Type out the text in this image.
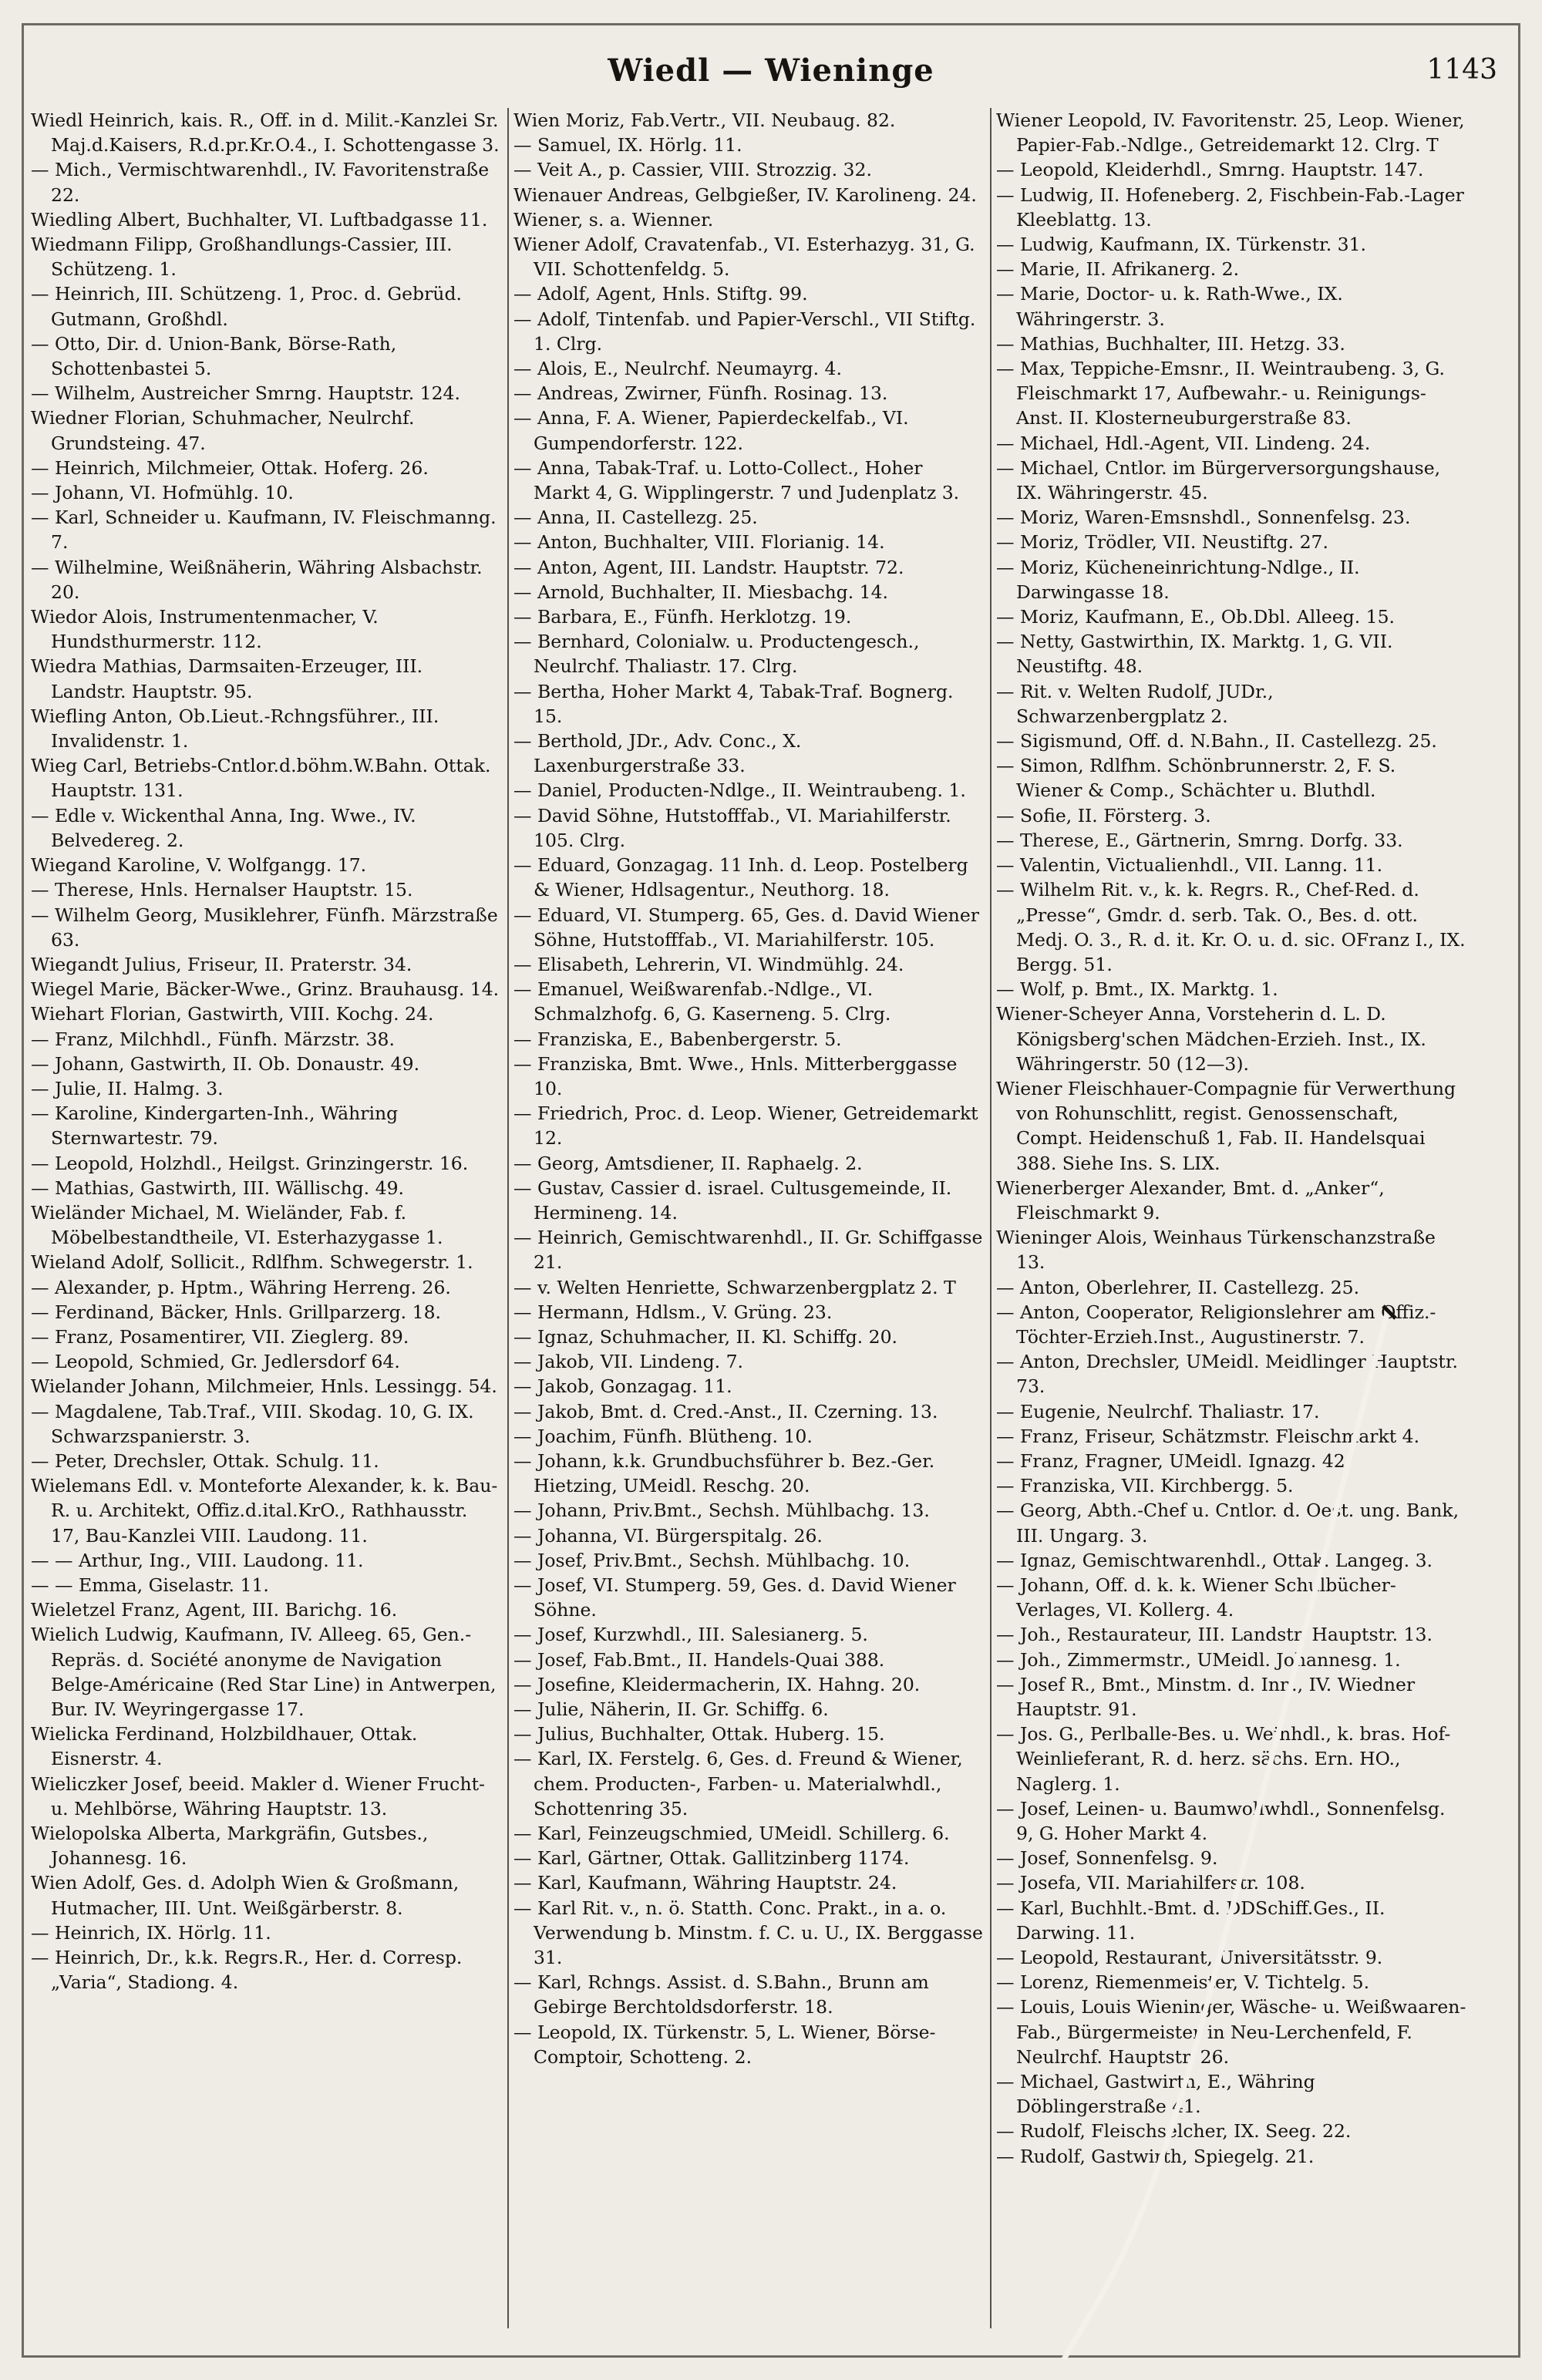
Wiedl — Wieninge	1143

Wiedl Heinrich, kais. R., Off. in d. Milit.-Kanzlei Sr. Maj.d.Kaisers, R.d.pr.Kr.O.4., I. Schottengasse 3.

— Mich., Vermischtwarenhdl., IV. Favoritenstraße 22.

Wiedling Albert, Buchhalter, VI. Luftbadgasse 11.

Wiedmann Filipp, Großhandlungs-Cassier, III. Schützeng. 1.

— Heinrich, III. Schützeng. 1, Proc. d. Gebrüd. Gutmann, Großhdl.

— Otto, Dir. d. Union-Bank, Börse-Rath, Schottenbastei 5.

— Wilhelm, Austreicher Smrng. Hauptstr. 124.

Wiedner Florian, Schuhmacher, Neulrchf. Grundsteing. 47.

— Heinrich, Milchmeier, Ottak. Hoferg. 26.

— Johann, VI. Hofmühlg. 10.

— Karl, Schneider u. Kaufmann, IV. Fleischmanng. 7.

— Wilhelmine, Weißnäherin, Währing Alsbachstr. 20.

Wiedor Alois, Instrumentenmacher, V. Hundsthurmerstr. 112.

Wiedra Mathias, Darmsaiten-Erzeuger, III. Landstr. Hauptstr. 95.

Wiefling Anton, Ob.Lieut.-Rchngsführer., III. Invalidenstr. 1.

Wieg Carl, Betriebs-Cntlor.d.böhm.W.Bahn. Ottak. Hauptstr. 131.

— Edle v. Wickenthal Anna, Ing. Wwe., IV. Belvedereg. 2.

Wiegand Karoline, V. Wolfgangg. 17.

— Therese, Hnls. Hernalser Hauptstr. 15.

— Wilhelm Georg, Musiklehrer, Fünfh. Märzstraße 63.

Wiegandt Julius, Friseur, II. Praterstr. 34.

Wiegel Marie, Bäcker-Wwe., Grinz. Brauhausg. 14.

Wiehart Florian, Gastwirth, VIII. Kochg. 24.

— Franz, Milchhdl., Fünfh. Märzstr. 38.

— Johann, Gastwirth, II. Ob. Donaustr. 49.

— Julie, II. Halmg. 3.

— Karoline, Kindergarten-Inh., Währing Sternwartestr. 79.

— Leopold, Holzhdl., Heilgst. Grinzingerstr. 16.

— Mathias, Gastwirth, III. Wällischg. 49.

Wieländer Michael, M. Wieländer, Fab. f. Möbelbestandtheile, VI. Esterhazygasse 1.

Wieland Adolf, Sollicit., Rdlfhm. Schwegerstr. 1.

— Alexander, p. Hptm., Währing Herreng. 26.

— Ferdinand, Bäcker, Hnls. Grillparzerg. 18.

— Franz, Posamentirer, VII. Zieglerg. 89.

— Leopold, Schmied, Gr. Jedlersdorf 64.

Wielander Johann, Milchmeier, Hnls. Lessingg. 54.

— Magdalene, Tab.Traf., VIII. Skodag. 10, G. IX. Schwarzspanierstr. 3.

— Peter, Drechsler, Ottak. Schulg. 11.

Wielemans Edl. v. Monteforte Alexander, k. k. Bau-R. u. Architekt, Offiz.d.ital.KrO., Rathhausstr. 17, Bau-Kanzlei VIII. Laudong. 11.

— — Arthur, Ing., VIII. Laudong. 11.

— — Emma, Giselastr. 11.

Wieletzel Franz, Agent, III. Barichg. 16.

Wielich Ludwig, Kaufmann, IV. Alleeg. 65, Gen.-Repräs. d. Société anonyme de Navigation Belge-Américaine (Red Star Line) in Antwerpen, Bur. IV. Weyringergasse 17.

Wielicka Ferdinand, Holzbildhauer, Ottak. Eisnerstr. 4.

Wieliczker Josef, beeid. Makler d. Wiener Frucht- u. Mehlbörse, Währing Hauptstr. 13.

Wielopolska Alberta, Markgräfin, Gutsbes., Johannesg. 16.

Wien Adolf, Ges. d. Adolph Wien & Großmann, Hutmacher, III. Unt. Weißgärberstr. 8.

— Heinrich, IX. Hörlg. 11.

— Heinrich, Dr., k.k. Regrs.R., Her. d. Corresp. „Varia“, Stadiong. 4.

Wien Moriz, Fab.Vertr., VII. Neubaug. 82.

— Samuel, IX. Hörlg. 11.

— Veit A., p. Cassier, VIII. Strozzig. 32.

Wienauer Andreas, Gelbgießer, IV. Karolineng. 24.

Wiener, s. a. Wienner.

Wiener Adolf, Cravatenfab., VI. Esterhazyg. 31, G. VII. Schottenfeldg. 5.

— Adolf, Agent, Hnls. Stiftg. 99.

— Adolf, Tintenfab. und Papier-Verschl., VII Stiftg. 1. Clrg.

— Alois, E., Neulrchf. Neumayrg. 4.

— Andreas, Zwirner, Fünfh. Rosinag. 13.

— Anna, F. A. Wiener, Papierdeckelfab., VI. Gumpendorferstr. 122.

— Anna, Tabak-Traf. u. Lotto-Collect., Hoher Markt 4, G. Wipplingerstr. 7 und Judenplatz 3.

— Anna, II. Castellezg. 25.

— Anton, Buchhalter, VIII. Florianig. 14.

— Anton, Agent, III. Landstr. Hauptstr. 72.

— Arnold, Buchhalter, II. Miesbachg. 14.

— Barbara, E., Fünfh. Herklotzg. 19.

— Bernhard, Colonialw. u. Productengesch., Neulrchf. Thaliastr. 17. Clrg.

— Bertha, Hoher Markt 4, Tabak-Traf. Bognerg. 15.

— Berthold, JDr., Adv. Conc., X. Laxenburgerstraße 33.

— Daniel, Producten-Ndlge., II. Weintraubeng. 1.

— David Söhne, Hutstofffab., VI. Mariahilferstr. 105. Clrg.

— Eduard, Gonzagag. 11 Inh. d. Leop. Postelberg & Wiener, Hdlsagentur., Neuthorg. 18.

— Eduard, VI. Stumperg. 65, Ges. d. David Wiener Söhne, Hutstofffab., VI. Mariahilferstr. 105.

— Elisabeth, Lehrerin, VI. Windmühlg. 24.

— Emanuel, Weißwarenfab.-Ndlge., VI. Schmalzhofg. 6, G. Kaserneng. 5. Clrg.

— Franziska, E., Babenbergerstr. 5.

— Franziska, Bmt. Wwe., Hnls. Mitterberggasse 10.

— Friedrich, Proc. d. Leop. Wiener, Getreidemarkt 12.

— Georg, Amtsdiener, II. Raphaelg. 2.

— Gustav, Cassier d. israel. Cultusgemeinde, II. Hermineng. 14.

— Heinrich, Gemischtwarenhdl., II. Gr. Schiffgasse 21.

— v. Welten Henriette, Schwarzenbergplatz 2. T

— Hermann, Hdlsm., V. Grüng. 23.

— Ignaz, Schuhmacher, II. Kl. Schiffg. 20.

— Jakob, VII. Lindeng. 7.

— Jakob, Gonzagag. 11.

— Jakob, Bmt. d. Cred.-Anst., II. Czerning. 13.

— Joachim, Fünfh. Blütheng. 10.

— Johann, k.k. Grundbuchsführer b. Bez.-Ger. Hietzing, UMeidl. Reschg. 20.

— Johann, Priv.Bmt., Sechsh. Mühlbachg. 13.

— Johanna, VI. Bürgerspitalg. 26.

— Josef, Priv.Bmt., Sechsh. Mühlbachg. 10.

— Josef, VI. Stumperg. 59, Ges. d. David Wiener Söhne.

— Josef, Kurzwhdl., III. Salesianerg. 5.

— Josef, Fab.Bmt., II. Handels-Quai 388.

— Josefine, Kleidermacherin, IX. Hahng. 20.

— Julie, Näherin, II. Gr. Schiffg. 6.

— Julius, Buchhalter, Ottak. Huberg. 15.

— Karl, IX. Ferstelg. 6, Ges. d. Freund & Wiener, chem. Producten-, Farben- u. Materialwhdl., Schottenring 35.

— Karl, Feinzeugschmied, UMeidl. Schillerg. 6.

— Karl, Gärtner, Ottak. Gallitzinberg 1174.

— Karl, Kaufmann, Währing Hauptstr. 24.

— Karl Rit. v., n. ö. Statth. Conc. Prakt., in a. o. Verwendung b. Minstm. f. C. u. U., IX. Berggasse 31.

— Karl, Rchngs. Assist. d. S.Bahn., Brunn am Gebirge Berchtoldsdorferstr. 18.

— Leopold, IX. Türkenstr. 5, L. Wiener, Börse-Comptoir, Schotteng. 2.

Wiener Leopold, IV. Favoritenstr. 25, Leop. Wiener, Papier-Fab.-Ndlge., Getreidemarkt 12. Clrg. T

— Leopold, Kleiderhdl., Smrng. Hauptstr. 147.

— Ludwig, II. Hofeneberg. 2, Fischbein-Fab.-Lager Kleeblattg. 13.

— Ludwig, Kaufmann, IX. Türkenstr. 31.

— Marie, II. Afrikanerg. 2.

— Marie, Doctor- u. k. Rath-Wwe., IX. Währingerstr. 3.

— Mathias, Buchhalter, III. Hetzg. 33.

— Max, Teppiche-Emsnr., II. Weintraubeng. 3, G. Fleischmarkt 17, Aufbewahr.- u. Reinigungs-Anst. II. Klosterneuburgerstraße 83.

— Michael, Hdl.-Agent, VII. Lindeng. 24.

— Michael, Cntlor. im Bürgerversorgungshause, IX. Währingerstr. 45.

— Moriz, Waren-Emsnshdl., Sonnenfelsg. 23.

— Moriz, Trödler, VII. Neustiftg. 27.

— Moriz, Kücheneinrichtung-Ndlge., II. Darwingasse 18.

— Moriz, Kaufmann, E., Ob.Dbl. Alleeg. 15.

— Netty, Gastwirthin, IX. Marktg. 1, G. VII. Neustiftg. 48.

— Rit. v. Welten Rudolf, JUDr., Schwarzenbergplatz 2.

— Sigismund, Off. d. N.Bahn., II. Castellezg. 25.

— Simon, Rdlfhm. Schönbrunnerstr. 2, F. S. Wiener & Comp., Schächter u. Bluthdl.

— Sofie, II. Försterg. 3.

— Therese, E., Gärtnerin, Smrng. Dorfg. 33.

— Valentin, Victualienhdl., VII. Lanng. 11.

— Wilhelm Rit. v., k. k. Regrs. R., Chef-Red. d. „Presse“, Gmdr. d. serb. Tak. O., Bes. d. ott. Medj. O. 3., R. d. it. Kr. O. u. d. sic. OFranz I., IX. Bergg. 51.

— Wolf, p. Bmt., IX. Marktg. 1.

Wiener-Scheyer Anna, Vorsteherin d. L. D. Königsberg'schen Mädchen-Erzieh. Inst., IX. Währingerstr. 50 (12—3).

Wiener Fleischhauer-Compagnie für Verwerthung von Rohunschlitt, regist. Genossenschaft, Compt. Heidenschuß 1, Fab. II. Handelsquai 388. Siehe Ins. S. LIX.

Wienerberger Alexander, Bmt. d. „Anker“, Fleischmarkt 9.

Wieninger Alois, Weinhaus Türkenschanzstraße 13.

— Anton, Oberlehrer, II. Castellezg. 25.

— Anton, Cooperator, Religionslehrer am Offiz.-Töchter-Erzieh.Inst., Augustinerstr. 7.

— Anton, Drechsler, UMeidl. Meidlinger Hauptstr. 73.

— Eugenie, Neulrchf. Thaliastr. 17.

— Franz, Friseur, Schätzmstr. Fleischmarkt 4.

— Franz, Fragner, UMeidl. Ignazg. 42.

— Franziska, VII. Kirchbergg. 5.

— Georg, Abth.-Chef u. Cntlor. d. Oest. ung. Bank, III. Ungarg. 3.

— Ignaz, Gemischtwarenhdl., Ottak. Langeg. 3.

— Johann, Off. d. k. k. Wiener Schulbücher-Verlages, VI. Kollerg. 4.

— Joh., Restaurateur, III. Landstr. Hauptstr. 13.

— Joh., Zimmermstr., UMeidl. Johannesg. 1.

— Josef R., Bmt., Minstm. d. Inn., IV. Wiedner Hauptstr. 91.

— Jos. G., Perlballe-Bes. u. Weinhdl., k. bras. Hof-Weinlieferant, R. d. herz. sächs. Ern. HO., Naglerg. 1.

— Josef, Leinen- u. Baumwollwhdl., Sonnenfelsg. 9, G. Hoher Markt 4.

— Josef, Sonnenfelsg. 9.

— Josefa, VII. Mariahilferstr. 108.

— Karl, Buchhlt.-Bmt. d. DDSchiff.Ges., II. Darwing. 11.

— Leopold, Restaurant, Universitätsstr. 9.

— Lorenz, Riemenmeister, V. Tichtelg. 5.

— Louis, Louis Wieninger, Wäsche- u. Weißwaaren-Fab., Bürgermeister in Neu-Lerchenfeld, F. Neulrchf. Hauptstr. 26.

— Michael, Gastwirth, E., Währing Döblingerstraße 41.

— Rudolf, Fleischselcher, IX. Seeg. 22.

— Rudolf, Gastwirth, Spiegelg. 21.
